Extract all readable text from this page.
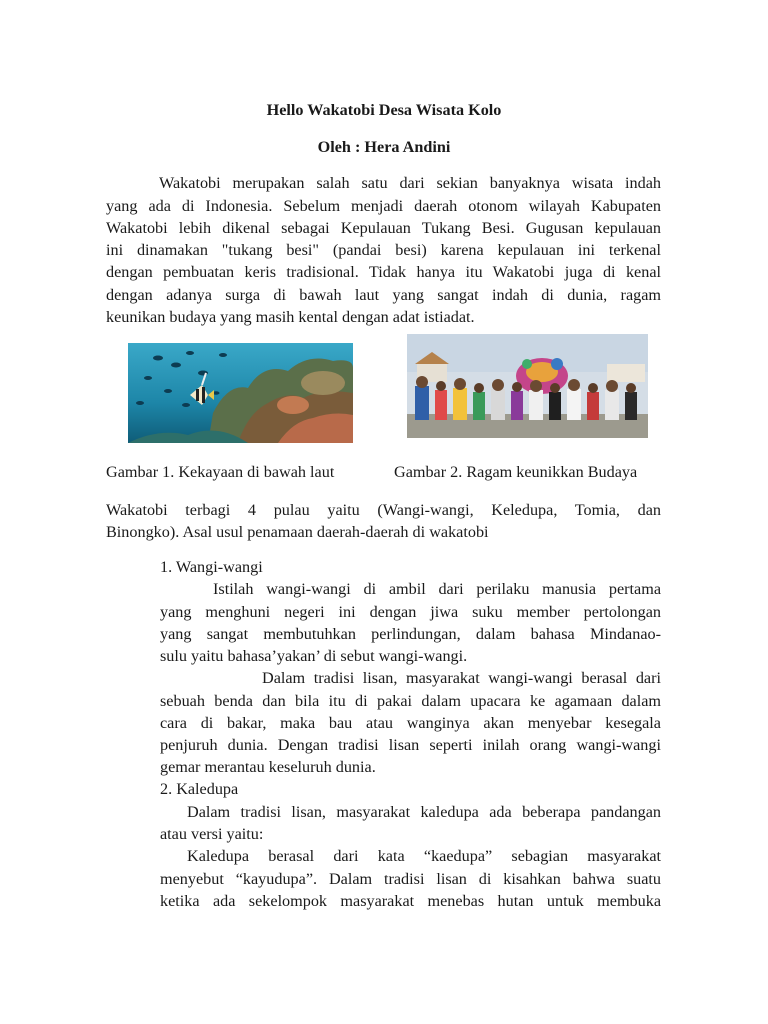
Hello Wakatobi Desa Wisata Kolo
Oleh : Hera Andini
Wakatobi merupakan salah satu dari sekian banyaknya wisata indah
yang ada di Indonesia. Sebelum menjadi daerah otonom wilayah Kabupaten
Wakatobi lebih dikenal sebagai Kepulauan Tukang Besi. Gugusan kepulauan
ini dinamakan "tukang besi" (pandai besi) karena kepulauan ini terkenal
dengan pembuatan keris tradisional. Tidak hanya itu Wakatobi juga di kenal
dengan adanya surga di bawah laut yang sangat indah di dunia, ragam
keunikan budaya yang masih kental dengan adat istiadat.
Gambar 1. Kekayaan di bawah laut	Gambar 2. Ragam keunikkan Budaya
Wakatobi terbagi 4 pulau yaitu (Wangi-wangi, Keledupa, Tomia, dan
Binongko). Asal usul penamaan daerah-daerah di wakatobi
1. Wangi-wangi
Istilah wangi-wangi di ambil dari perilaku manusia pertama
yang menghuni negeri ini dengan jiwa suku member pertolongan
yang sangat membutuhkan perlindungan, dalam bahasa Mindanao-
sulu yaitu bahasa’yakan’ di sebut wangi-wangi.
Dalam tradisi lisan, masyarakat wangi-wangi berasal dari
sebuah benda dan bila itu di pakai dalam upacara ke agamaan dalam
cara di bakar, maka bau atau wanginya akan menyebar kesegala
penjuruh dunia. Dengan tradisi lisan seperti inilah orang wangi-wangi
gemar merantau keseluruh dunia.
2. Kaledupa
Dalam tradisi lisan, masyarakat kaledupa ada beberapa pandangan
atau versi yaitu:
Kaledupa berasal dari kata “kaedupa” sebagian masyarakat
menyebut “kayudupa”. Dalam tradisi lisan di kisahkan bahwa suatu
ketika ada sekelompok masyarakat menebas hutan untuk membuka
